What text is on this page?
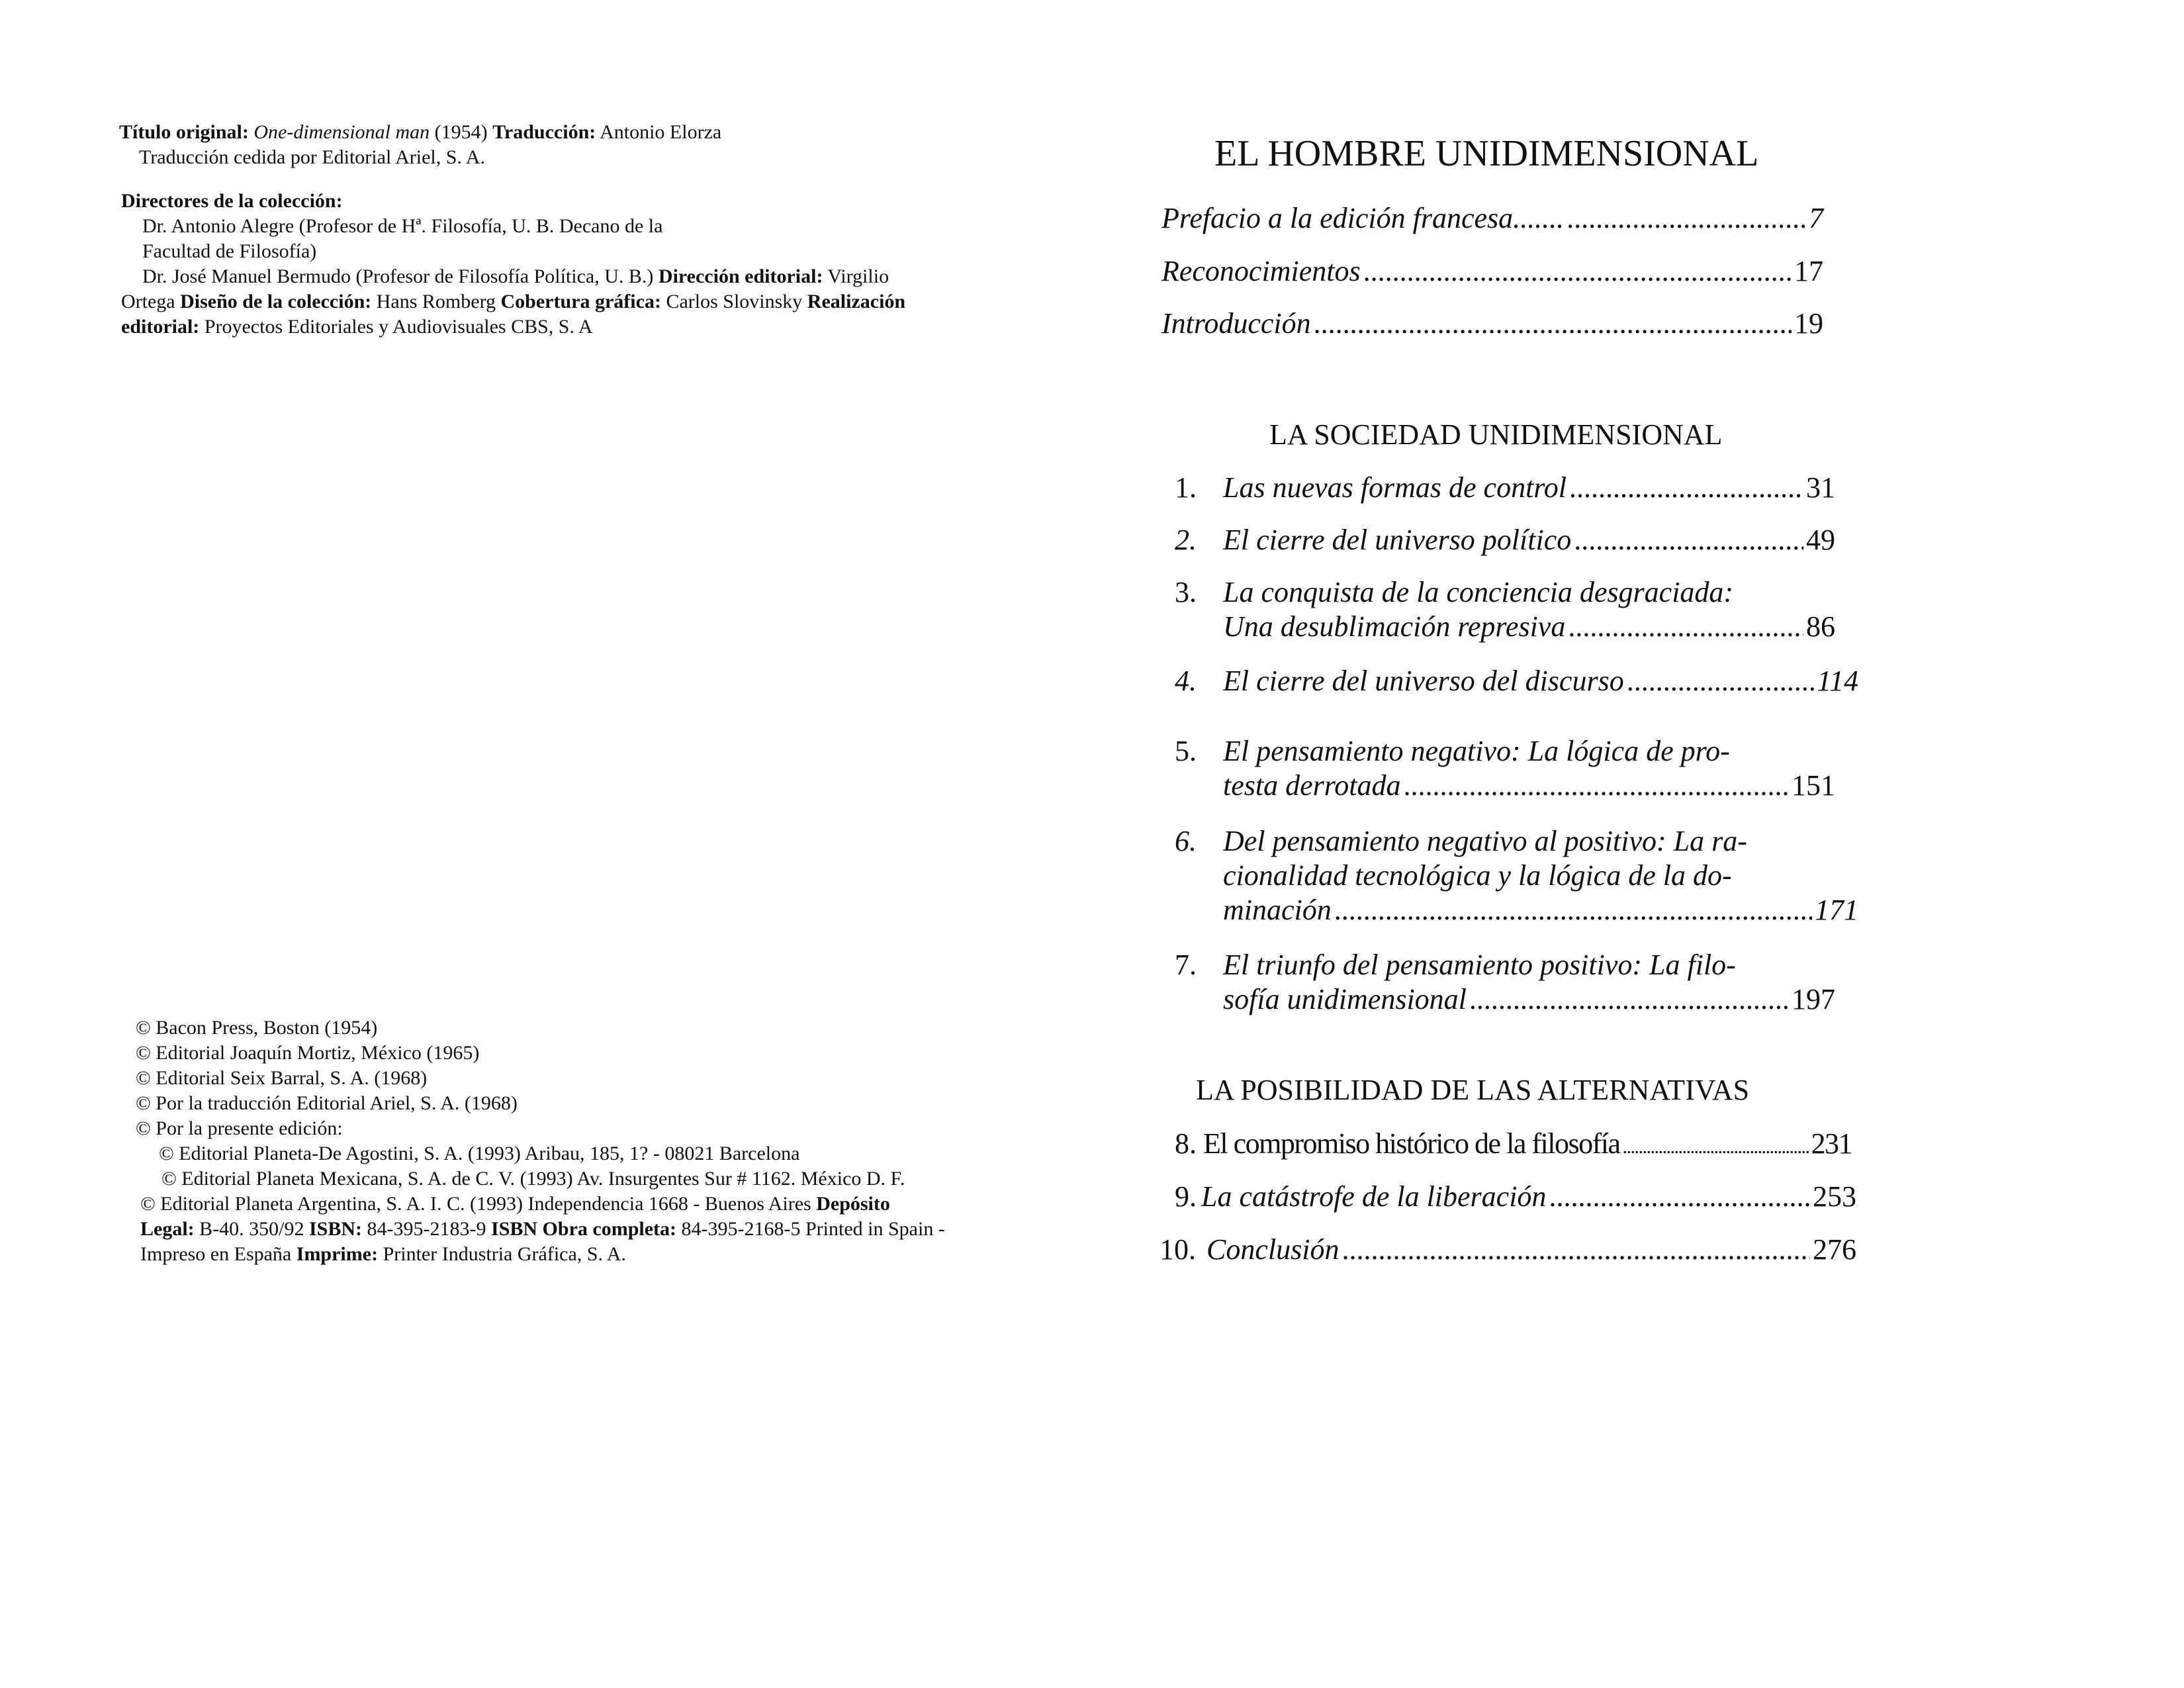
Título original: One-dimensional man (1954) Traducción: Antonio Elorza
Traducción cedida por Editorial Ariel, S. A.
Directores de la colección:
Dr. Antonio Alegre (Profesor de Hª. Filosofía, U. B. Decano de la
Facultad de Filosofía)
Dr. José Manuel Bermudo (Profesor de Filosofía Política, U. B.) Dirección editorial: Virgilio
Ortega Diseño de la colección: Hans Romberg Cobertura gráfica: Carlos Slovinsky Realización
editorial: Proyectos Editoriales y Audiovisuales CBS, S. A
© Bacon Press, Boston (1954)
© Editorial Joaquín Mortiz, México (1965)
© Editorial Seix Barral, S. A. (1968)
© Por la traducción Editorial Ariel, S. A. (1968)
© Por la presente edición:
© Editorial Planeta-De Agostini, S. A. (1993) Aribau, 185, 1? - 08021 Barcelona
© Editorial Planeta Mexicana, S. A. de C. V. (1993) Av. Insurgentes Sur # 1162. México D. F.
© Editorial Planeta Argentina, S. A. I. C. (1993) Independencia 1668 - Buenos Aires Depósito
Legal: B-40. 350/92 ISBN: 84-395-2183-9 ISBN Obra completa: 84-395-2168-5 Printed in Spain -
Impreso en España Imprime: Printer Industria Gráfica, S. A.
EL HOMBRE UNIDIMENSIONAL
Prefacio a la edición francesa....... .....	7
Reconocimientos .....	17
Introducción .....	19
LA SOCIEDAD UNIDIMENSIONAL
1. Las nuevas formas de control .....	31
2. El cierre del universo político .....	49
3. La conquista de la conciencia desgraciada:
Una desublimación represiva .....	86
4. El cierre del universo del discurso .....	114
5. El pensamiento negativo: La lógica de pro-
testa derrotada .....	151
6. Del pensamiento negativo al positivo: La ra-
cionalidad tecnológica y la lógica de la do-
minación .....	171
7. El triunfo del pensamiento positivo: La filo-
sofía unidimensional .....	197
LA POSIBILIDAD DE LAS ALTERNATIVAS
8. El compromiso histórico de la filosofía .....	231
9. La catástrofe de la liberación .....	253
10. Conclusión .....	276
